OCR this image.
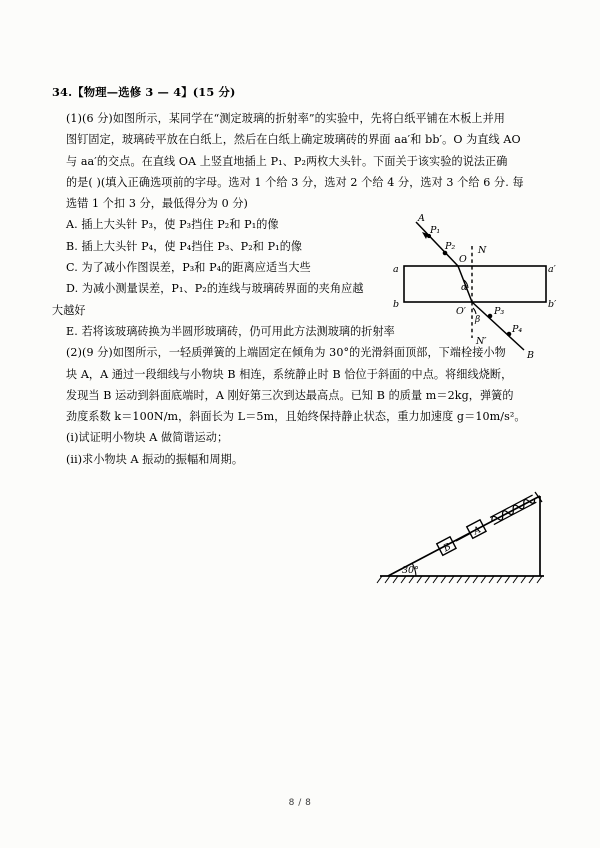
34.【物理—选修 3 — 4】(15 分)
(1)(6 分)如图所示，某同学在“测定玻璃的折射率”的实验中，先将白纸平铺在木板上并用
图钉固定，玻璃砖平放在白纸上，然后在白纸上确定玻璃砖的界面 aa′和 bb′。O 为直线 AO
与 aa′的交点。在直线 OA 上竖直地插上 P₁、P₂两枚大头针。下面关于该实验的说法正确
的是( )(填入正确选项前的字母。选对 1 个给 3 分，选对 2 个给 4 分，选对 3 个给 6 分. 每
选错 1 个扣 3 分，最低得分为 0 分)
A. 插上大头针 P₃，使 P₃挡住 P₂和 P₁的像
B. 插上大头针 P₄，使 P₄挡住 P₃、P₂和 P₁的像
C. 为了减小作图误差，P₃和 P₄的距离应适当大些
D. 为减小测量误差，P₁、P₂的连线与玻璃砖界面的夹角应越
大越好
E. 若将该玻璃砖换为半圆形玻璃砖，仍可用此方法测玻璃的折射率
(2)(9 分)如图所示，一轻质弹簧的上端固定在倾角为 30°的光滑斜面顶部，下端栓接小物
块 A，A 通过一段细线与小物块 B 相连，系统静止时 B 恰位于斜面的中点。将细线烧断，
发现当 B 运动到斜面底端时，A 刚好第三次到达最高点。已知 B 的质量 m＝2kg，弹簧的
劲度系数 k＝100N/m，斜面长为 L＝5m，且始终保持静止状态，重力加速度 g＝10m/s²。
(i)试证明小物块 A 做简谐运动；
(ii)求小物块 A 振动的振幅和周期。
A
P₁
P₂
O
N
a	a′
b	b′
α
O′
β
N′
P₃
P₄
B
30°
A
B
8 / 8
